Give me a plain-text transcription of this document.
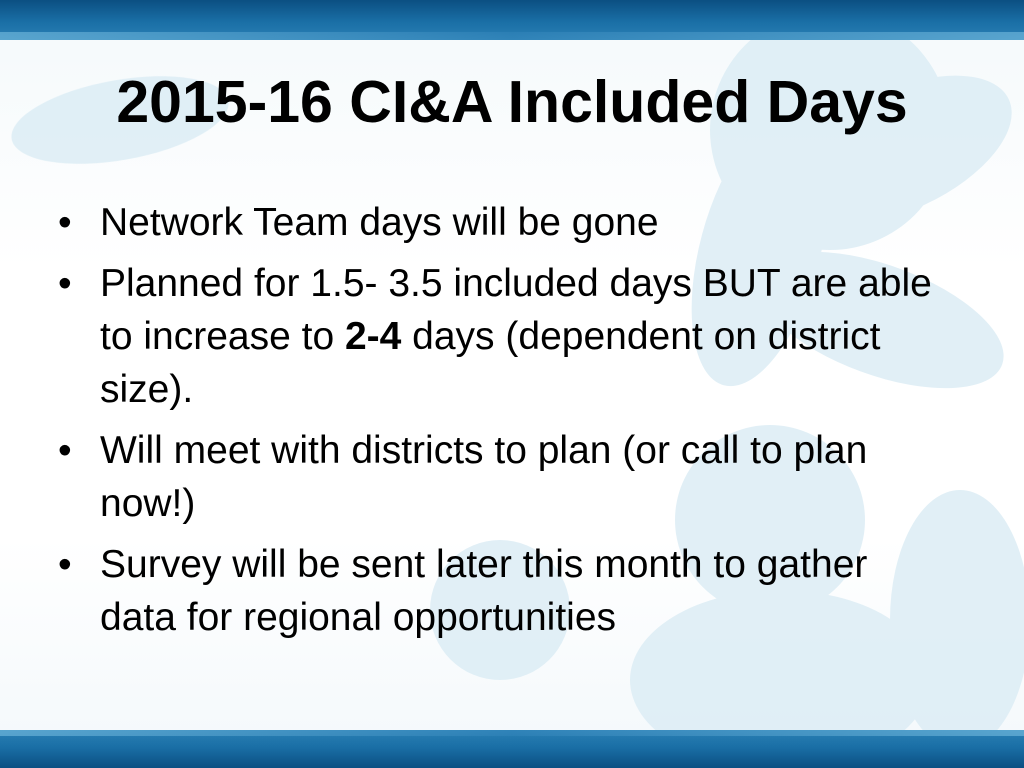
2015-16 CI&A Included Days
• Network Team days will be gone
• Planned for 1.5- 3.5 included days BUT are able to increase to 2-4 days (dependent on district size).
• Will meet with districts to plan (or call to plan now!)
• Survey will be sent later this month to gather data for regional opportunities
